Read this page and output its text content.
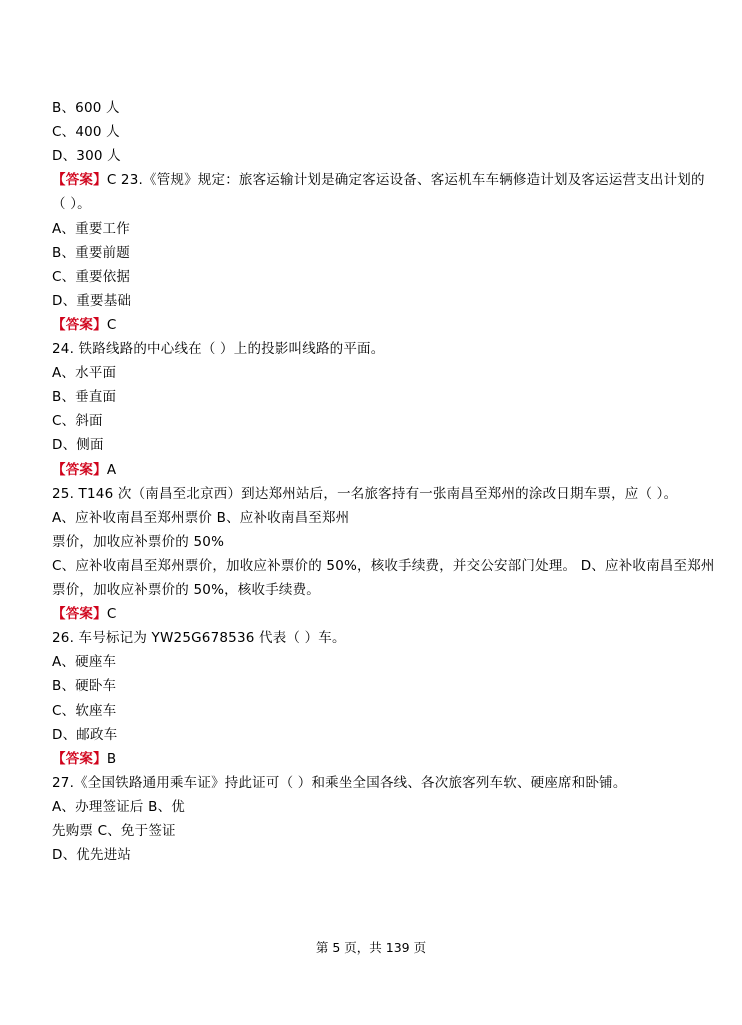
B、600 人
C、400 人
D、300 人
【答案】C 23.《管规》规定：旅客运输计划是确定客运设备、客运机车车辆修造计划及客运运营支出计划的
（ ）。
A、重要工作
B、重要前题
C、重要依据
D、重要基础
【答案】C
24. 铁路线路的中心线在（ ）上的投影叫线路的平面。
A、水平面
B、垂直面
C、斜面
D、侧面
【答案】A
25. T146 次（南昌至北京西）到达郑州站后，一名旅客持有一张南昌至郑州的涂改日期车票，应（ ）。
A、应补收南昌至郑州票价 B、应补收南昌至郑州
票价，加收应补票价的 50%
C、应补收南昌至郑州票价，加收应补票价的 50%，核收手续费，并交公安部门处理。 D、应补收南昌至郑州
票价，加收应补票价的 50%，核收手续费。
【答案】C
26. 车号标记为 YW25G678536 代表（ ）车。
A、硬座车
B、硬卧车
C、软座车
D、邮政车
【答案】B
27.《全国铁路通用乘车证》持此证可（ ）和乘坐全国各线、各次旅客列车软、硬座席和卧铺。
A、办理签证后 B、优
先购票 C、免于签证
D、优先进站
第 5 页，共 139 页
